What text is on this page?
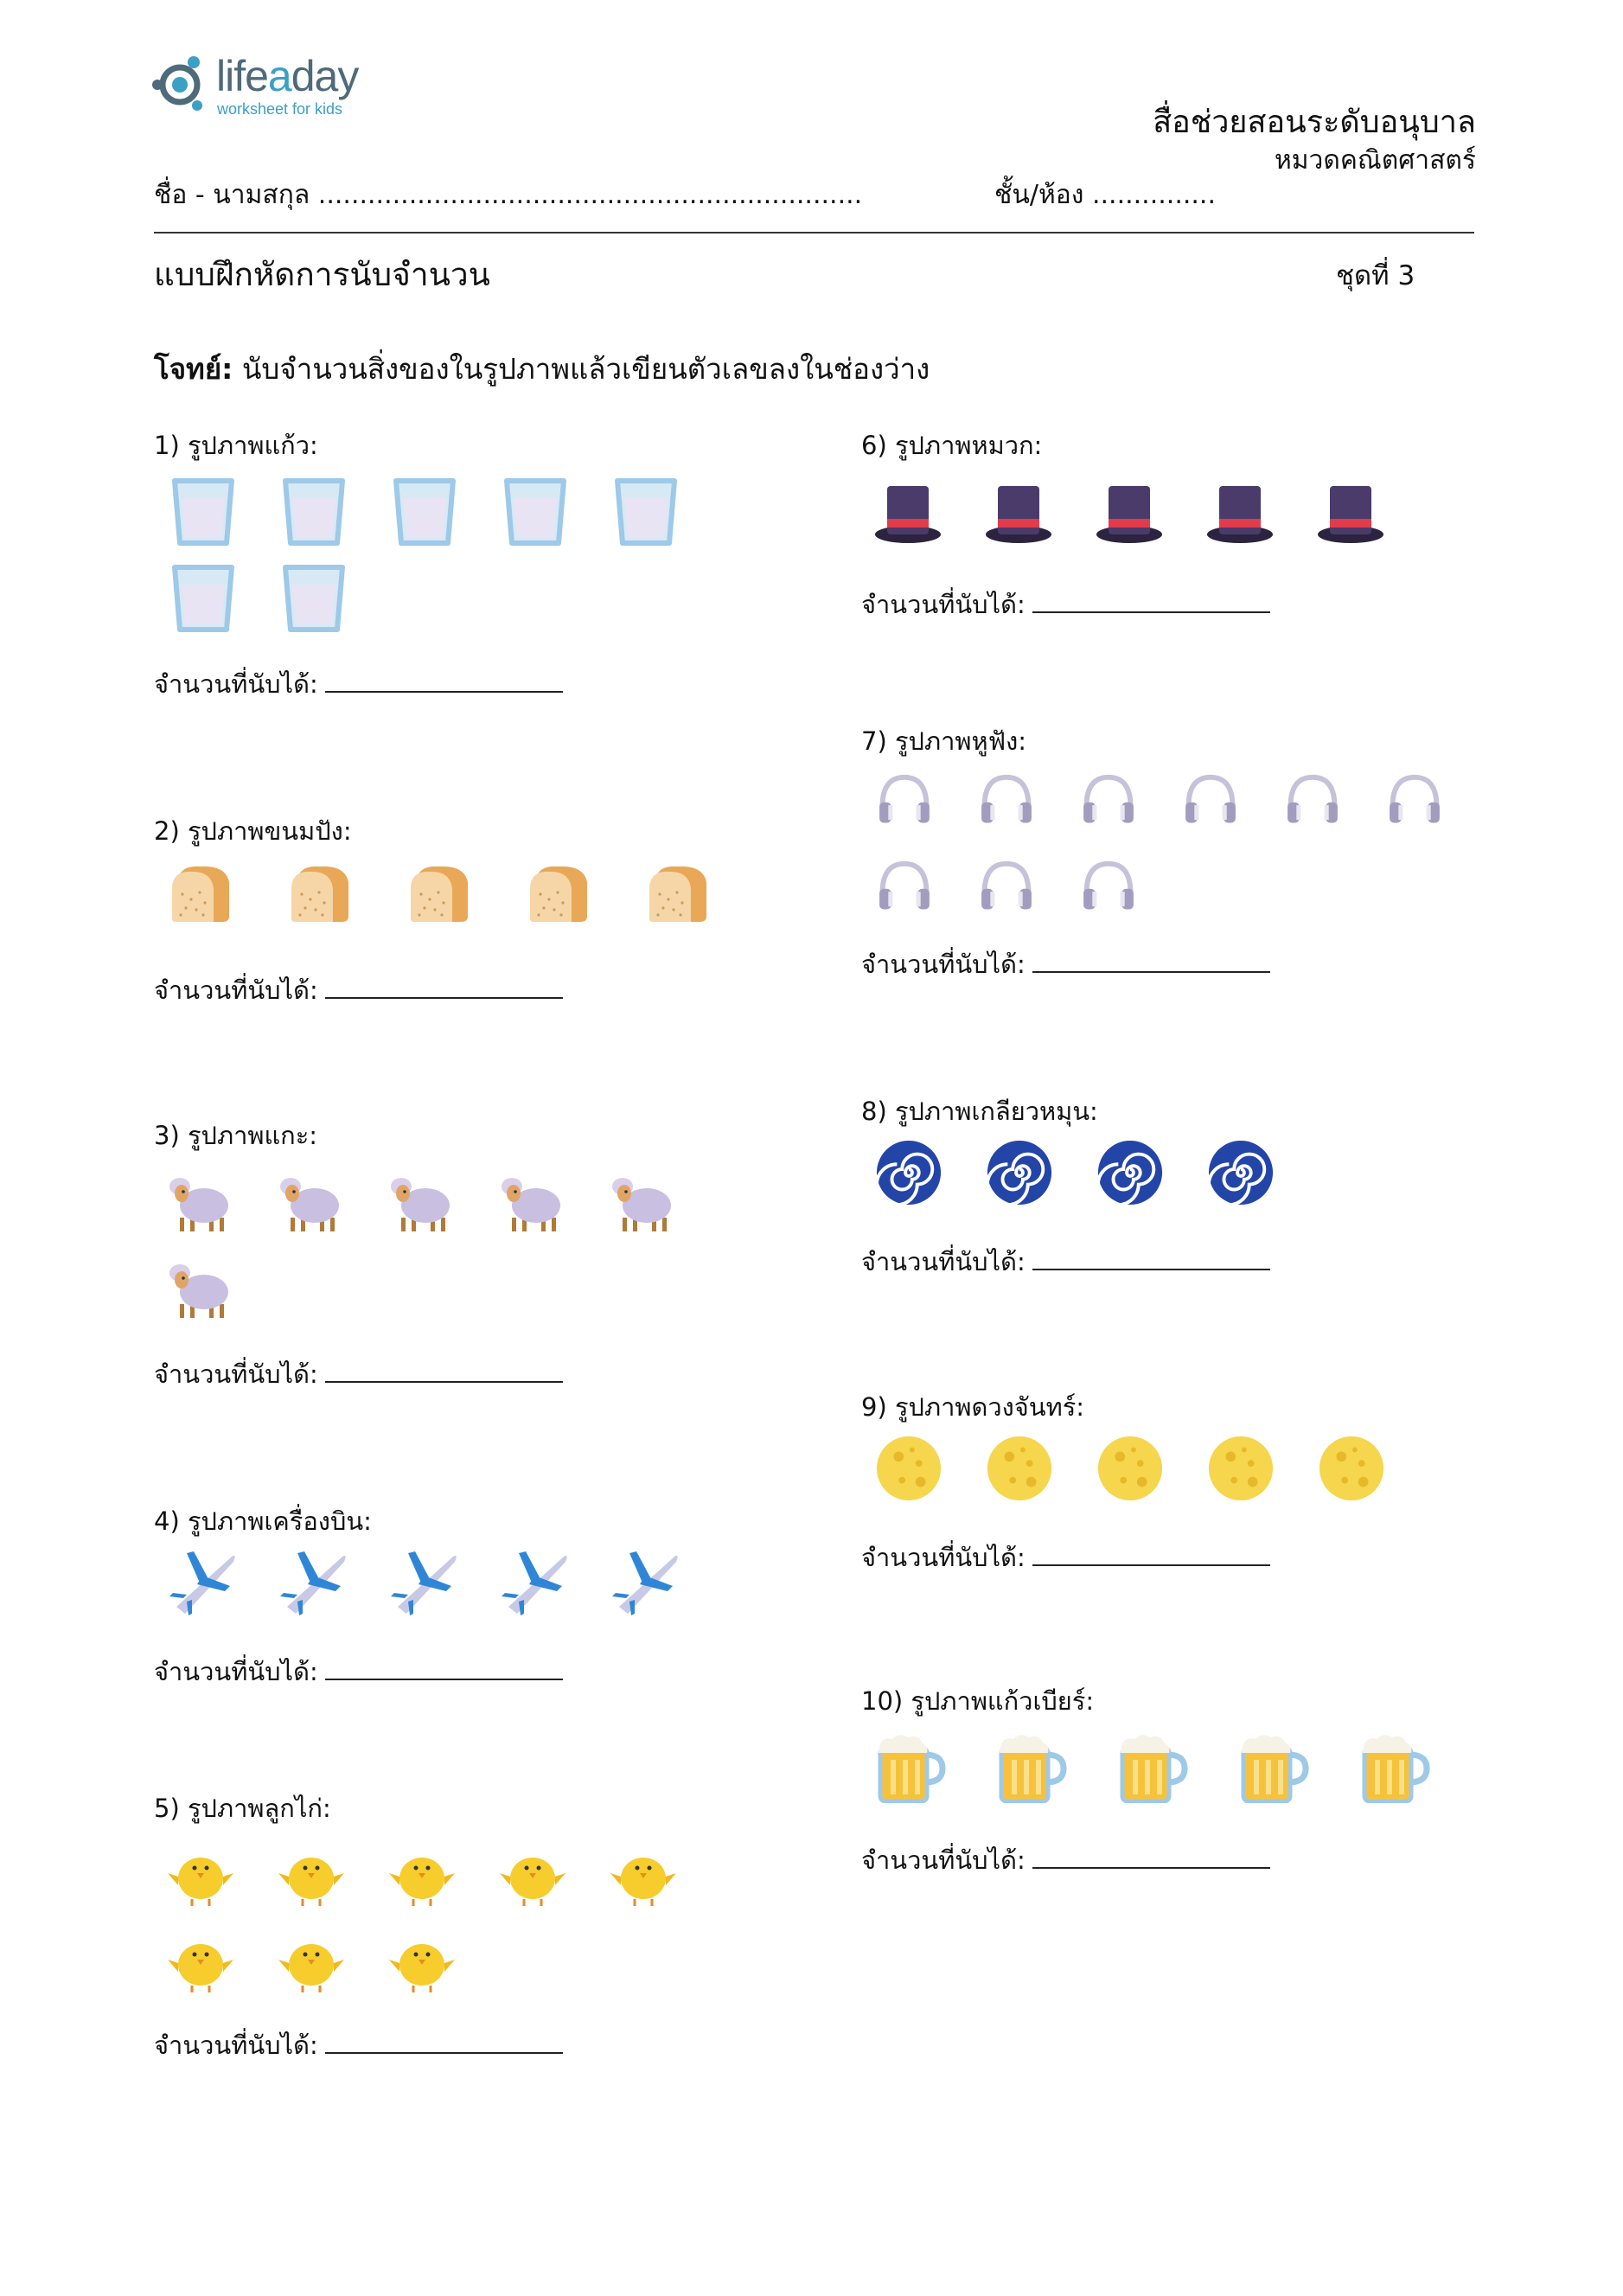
lifeaday
worksheet for kids	สื่อช่วยสอนระดับอนุบาล
หมวดคณิตศาสตร์
ชื่อ - นามสกุล ..................................................................	ชั้น/ห้อง ...............
แบบฝึกหัดการนับจำนวน	ชุดที่ 3
โจทย์: นับจำนวนสิ่งของในรูปภาพแล้วเขียนตัวเลขลงในช่องว่าง
1) รูปภาพแก้ว:
จำนวนที่นับได้:
2) รูปภาพขนมปัง:
จำนวนที่นับได้:
3) รูปภาพแกะ:
จำนวนที่นับได้:
4) รูปภาพเครื่องบิน:
จำนวนที่นับได้:
5) รูปภาพลูกไก่:
จำนวนที่นับได้:
6) รูปภาพหมวก:
จำนวนที่นับได้:
7) รูปภาพหูฟัง:
จำนวนที่นับได้:
8) รูปภาพเกลียวหมุน:
จำนวนที่นับได้:
9) รูปภาพดวงจันทร์:
จำนวนที่นับได้:
10) รูปภาพแก้วเบียร์:
จำนวนที่นับได้:
